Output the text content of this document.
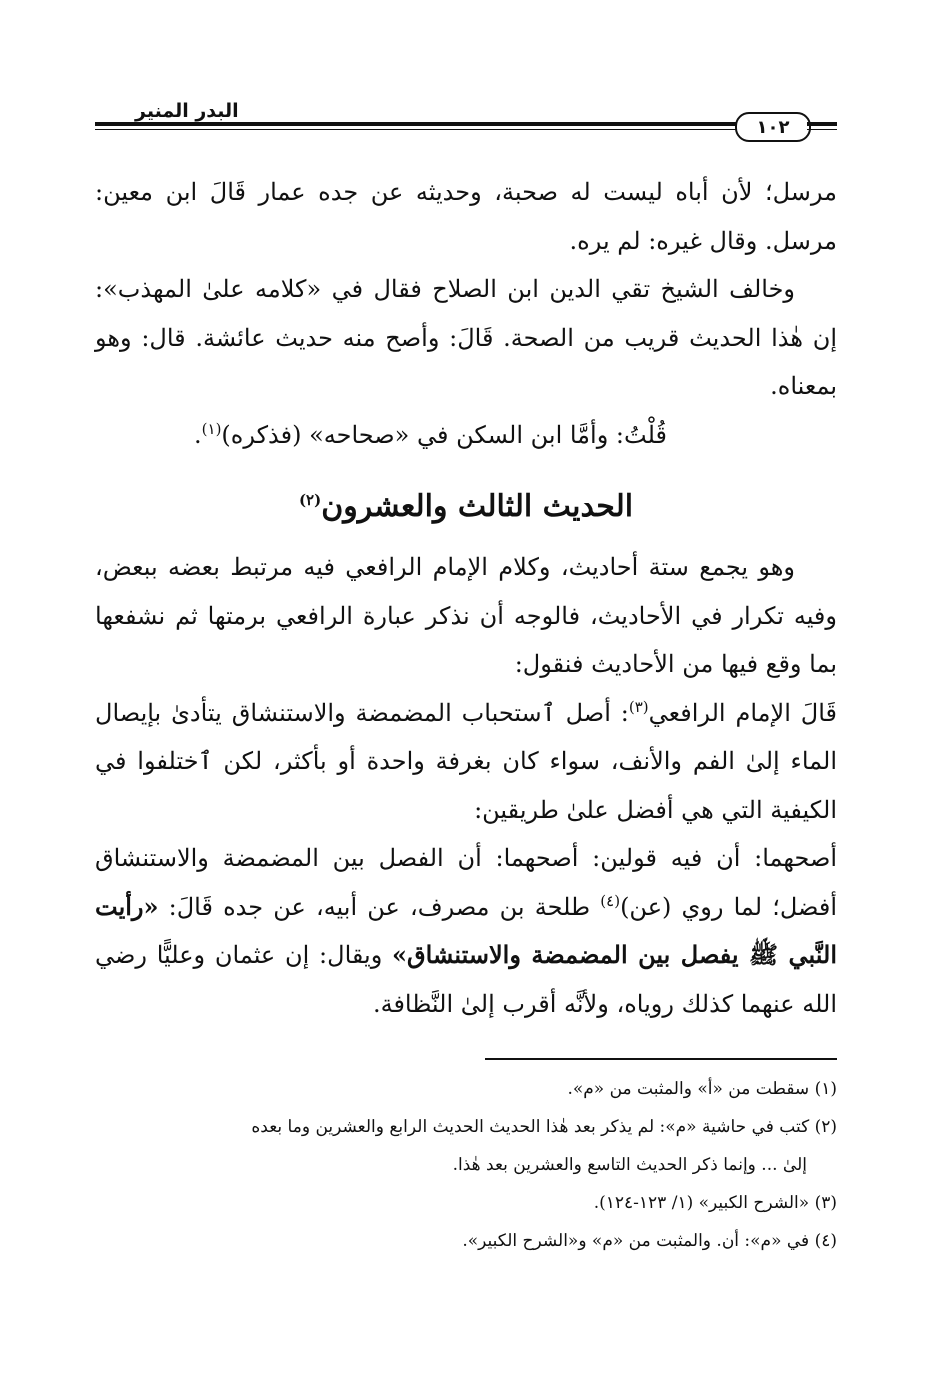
البدر المنير
١٠٢

مرسل؛ لأن أباه ليست له صحبة، وحديثه عن جده عمار قَالَ ابن معين: مرسل. وقال غيره: لم يره.

وخالف الشيخ تقي الدين ابن الصلاح فقال في «كلامه علىٰ المهذب»: إن هٰذا الحديث قريب من الصحة. قَالَ: وأصح منه حديث عائشة. قال: وهو بمعناه.

قُلْتُ: وأمَّا ابن السكن في «صحاحه» (فذكره)$^{(١)}$.

الحديث الثالث والعشرون$^{(٢)}$

وهو يجمع ستة أحاديث، وكلام الإمام الرافعي فيه مرتبط بعضه ببعض، وفيه تكرار في الأحاديث، فالوجه أن نذكر عبارة الرافعي برمتها ثم نشفعها بما وقع فيها من الأحاديث فنقول:

قَالَ الإمام الرافعي$^{(٣)}$: أصل ٱستحباب المضمضة والاستنشاق يتأدىٰ بإيصال الماء إلىٰ الفم والأنف، سواء كان بغرفة واحدة أو بأكثر، لكن ٱختلفوا في الكيفية التي هي أفضل علىٰ طريقين:

أصحهما: أن فيه قولين: أصحهما: أن الفصل بين المضمضة والاستنشاق أفضل؛ لما روي (عن)$^{(٤)}$ طلحة بن مصرف، عن أبيه، عن جده قَالَ: «رأيت النَّبي ﷺ يفصل بين المضمضة والاستنشاق» ويقال: إن عثمان وعليًّا رضي الله عنهما كذلك روياه، ولأنَّه أقرب إلىٰ النَّظافة.

(١) سقطت من «أ» والمثبت من «م».

(٢) كتب في حاشية «م»: لم يذكر بعد هٰذا الحديث الحديث الرابع والعشرين وما بعده

إلىٰ ... وإنما ذكر الحديث التاسع والعشرين بعد هٰذا.

(٣) «الشرح الكبير» (١/ ١٢٣-١٢٤).

(٤) في «م»: أن. والمثبت من «م» و«الشرح الكبير».
